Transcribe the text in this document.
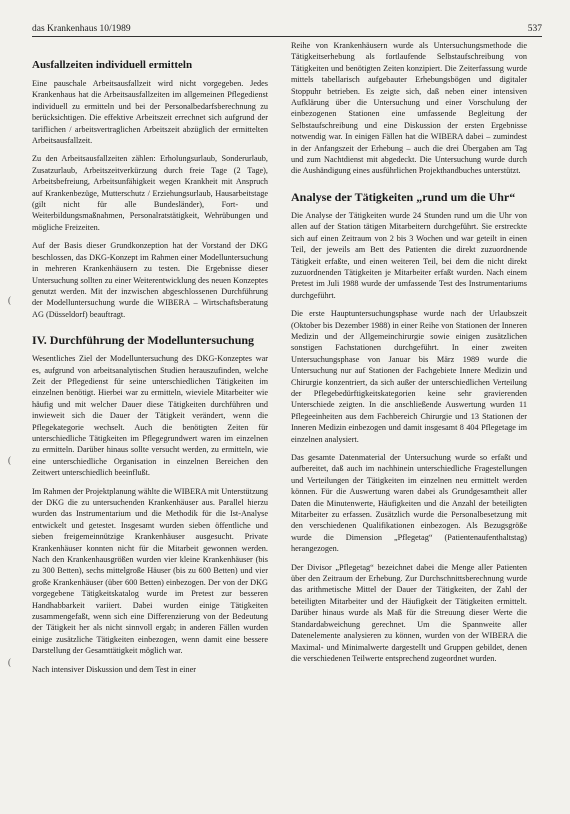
das Krankenhaus 10/1989	537
(
(
(
Ausfallzeiten individuell ermitteln

Eine pauschale Arbeitsausfallzeit wird nicht vorgegeben. Jedes Krankenhaus hat die Arbeitsausfallzeiten im allgemeinen Pflegedienst individuell zu ermitteln und bei der Personalbedarfsberechnung zu berücksichtigen. Die effektive Arbeitszeit errechnet sich aufgrund der tariflichen / arbeitsvertraglichen Arbeitszeit abzüglich der ermittelten Arbeitsausfallzeit.

Zu den Arbeitsausfallzeiten zählen: Erholungsurlaub, Sonderurlaub, Zusatzurlaub, Arbeitszeitverkürzung durch freie Tage (2 Tage), Arbeitsbefreiung, Arbeitsunfähigkeit wegen Krankheit mit Anspruch auf Krankenbezüge, Mutterschutz / Erziehungsurlaub, Hausarbeitstage (gilt nicht für alle Bundesländer), Fort- und Weiterbildungsmaßnahmen, Personalratstätigkeit, Wehrübungen und mögliche Freizeiten.

Auf der Basis dieser Grundkonzeption hat der Vorstand der DKG beschlossen, das DKG-Konzept im Rahmen einer Modelluntersuchung in mehreren Krankenhäusern zu testen. Die Ergebnisse dieser Untersuchung sollten zu einer Weiterentwicklung des neuen Konzeptes genutzt werden. Mit der inzwischen abgeschlossenen Durchführung der Modelluntersuchung wurde die WIBERA – Wirtschaftsberatung AG (Düsseldorf) beauftragt.

IV. Durchführung der Modelluntersuchung

Wesentliches Ziel der Modelluntersuchung des DKG-Konzeptes war es, aufgrund von arbeitsanalytischen Studien herauszufinden, welche Zeit der Pflegedienst für seine unterschiedlichen Tätigkeiten im einzelnen benötigt. Hierbei war zu ermitteln, wieviele Mitarbeiter wie häufig und mit welcher Dauer diese Tätigkeiten durchführen und inwieweit sich die Dauer der Tätigkeit verändert, wenn die Pflegekategorie wechselt. Auch die benötigten Zeiten für unterschiedliche Tätigkeiten im Pflegegrundwert waren im einzelnen zu ermitteln. Darüber hinaus sollte versucht werden, zu ermitteln, wie eine unterschiedliche Organisation in einzelnen Bereichen den Zeitwert unterschiedlich beeinflußt.

Im Rahmen der Projektplanung wählte die WIBERA mit Unterstützung der DKG die zu untersuchenden Krankenhäuser aus. Parallel hierzu wurden das Instrumentarium und die Methodik für die Ist-Analyse entwickelt und getestet. Insgesamt wurden sieben öffentliche und sieben freigemeinnützige Krankenhäuser ausgesucht. Private Krankenhäuser konnten nicht für die Mitarbeit gewonnen werden. Nach den Krankenhausgrößen wurden vier kleine Krankenhäuser (bis zu 300 Betten), sechs mittelgroße Häuser (bis zu 600 Betten) und vier große Krankenhäuser (über 600 Betten) einbezogen. Der von der DKG vorgegebene Tätigkeitskatalog wurde im Pretest zur besseren Handhabbarkeit variiert. Dabei wurden einige Tätigkeiten zusammengefaßt, wenn sich eine Differenzierung von der Bedeutung der Tätigkeit her als nicht sinnvoll ergab; in anderen Fällen wurden einige zusätzliche Tätigkeiten einbezogen, wenn damit eine bessere Darstellung der Gesamttätigkeit möglich war.

Nach intensiver Diskussion und dem Test in einer

Reihe von Krankenhäusern wurde als Untersuchungsmethode die Tätigkeitserhebung als fortlaufende Selbstaufschreibung von Tätigkeiten und benötigten Zeiten konzipiert. Die Zeiterfassung wurde mittels tabellarisch aufgebauter Erhebungsbögen und digitaler Stoppuhr betrieben. Es zeigte sich, daß neben einer intensiven Aufklärung über die Untersuchung und einer Vorschulung der einbezogenen Stationen eine umfassende Begleitung der Selbstaufschreibung und eine Diskussion der ersten Ergebnisse notwendig war. In einigen Fällen hat die WIBERA dabei – zumindest in der Anfangszeit der Erhebung – auch die drei Übergaben am Tag und zum Nachtdienst mit abgedeckt. Die Untersuchung wurde durch die Aushändigung eines ausführlichen Projekthandbuches unterstützt.

Analyse der Tätigkeiten „rund um die Uhr“

Die Analyse der Tätigkeiten wurde 24 Stunden rund um die Uhr von allen auf der Station tätigen Mitarbeitern durchgeführt. Sie erstreckte sich auf einen Zeitraum von 2 bis 3 Wochen und war geteilt in einen Teil, der jeweils am Bett des Patienten die direkt zuzuordnende Tätigkeit erfaßte, und einen weiteren Teil, bei dem die nicht direkt zuzuordnenden Tätigkeiten je Mitarbeiter erfaßt wurden. Nach einem Pretest im Juli 1988 wurde der umfassende Test des Instrumentariums durchgeführt.

Die erste Hauptuntersuchungsphase wurde nach der Urlaubszeit (Oktober bis Dezember 1988) in einer Reihe von Stationen der Inneren Medizin und der Allgemeinchirurgie sowie einigen zusätzlichen sonstigen Fachstationen durchgeführt. In einer zweiten Untersuchungsphase von Januar bis März 1989 wurde die Untersuchung nur auf Stationen der Fachgebiete Innere Medizin und Chirurgie konzentriert, da sich außer der unterschiedlichen Verteilung der Pflegebedürftigkeitskategorien keine sehr gravierenden Unterschiede zeigten. In die anschließende Auswertung wurden 11 Pflegeeinheiten aus dem Fachbereich Chirurgie und 13 Stationen der Inneren Medizin einbezogen und damit insgesamt 8 404 Pflegetage im einzelnen analysiert.

Das gesamte Datenmaterial der Untersuchung wurde so erfaßt und aufbereitet, daß auch im nachhinein unterschiedliche Fragestellungen und Verteilungen der Tätigkeiten im einzelnen neu ermittelt werden können. Für die Auswertung waren dabei als Grundgesamtheit aller Daten die Minutenwerte, Häufigkeiten und die Anzahl der beteiligten Mitarbeiter zu erfassen. Zusätzlich wurde die Personalbesetzung mit den verschiedenen Qualifikationen einbezogen. Als Bezugsgröße wurde die Dimension „Pflegetag“ (Patientenaufenthaltstag) herangezogen.

Der Divisor „Pflegetag“ bezeichnet dabei die Menge aller Patienten über den Zeitraum der Erhebung. Zur Durchschnittsberechnung wurde das arithmetische Mittel der Dauer der Tätigkeiten, der Zahl der beteiligten Mitarbeiter und der Häufigkeit der Tätigkeiten ermittelt. Darüber hinaus wurde als Maß für die Streuung dieser Werte die Standardabweichung gerechnet. Um die Spannweite aller Datenelemente analysieren zu können, wurden von der WIBERA die Maximal- und Minimalwerte dargestellt und Gruppen gebildet, denen die verschiedenen Teilwerte entsprechend zugeordnet wurden.
